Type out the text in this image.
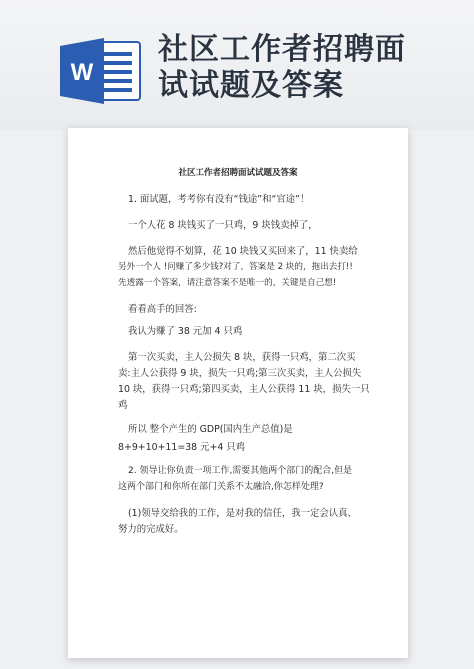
W
社区工作者招聘面
试试题及答案
社区工作者招聘面试试题及答案
1. 面试题，考考你有没有“钱途”和“官途”！
一个人花 8 块钱买了一只鸡，9 块钱卖掉了，
然后他觉得不划算，花 10 块钱又买回来了，11 快卖给
另外一个人 !问赚了多少钱?对了，答案是 2 块的，拖出去打!!
先透露一个答案，请注意答案不是唯一的，关键是自己想!
看看高手的回答:
我认为赚了 38 元加 4 只鸡
第一次买卖，主人公损失 8 块，获得一只鸡，第二次买
卖:主人公获得 9 块，损失一只鸡;第三次买卖，主人公损失
10 块，获得一只鸡;第四买卖，主人公获得 11 块，损失一只
鸡
所以 整个产生的 GDP(国内生产总值)是
8+9+10+11=38 元+4 只鸡
2. 领导让你负责一项工作,需要其他两个部门的配合,但是
这两个部门和你所在部门关系不太融洽,你怎样处理?
(1)领导交给我的工作，是对我的信任，我一定会认真、
努力的完成好。
